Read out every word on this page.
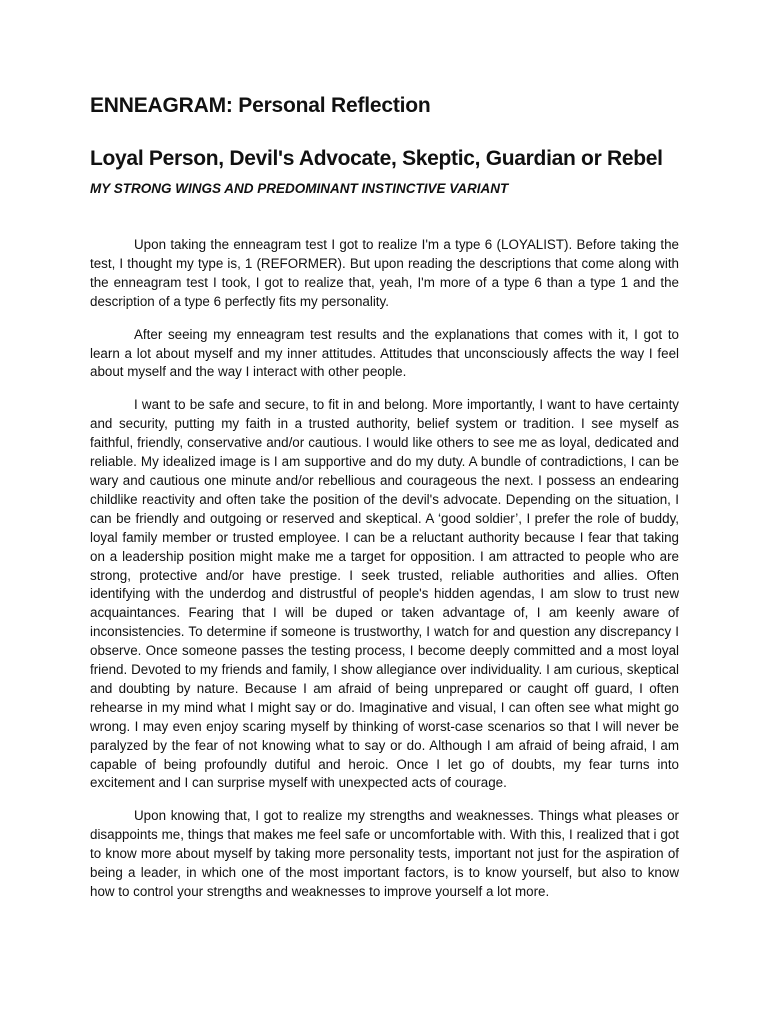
ENNEAGRAM: Personal Reflection
Loyal Person, Devil's Advocate, Skeptic, Guardian or Rebel
MY STRONG WINGS AND PREDOMINANT INSTINCTIVE VARIANT

Upon taking the enneagram test I got to realize I'm a type 6 (LOYALIST). Before taking the test, I thought my type is, 1 (REFORMER). But upon reading the descriptions that come along with the enneagram test I took, I got to realize that, yeah, I'm more of a type 6 than a type 1 and the description of a type 6 perfectly fits my personality.

After seeing my enneagram test results and the explanations that comes with it, I got to learn a lot about myself and my inner attitudes. Attitudes that unconsciously affects the way I feel about myself and the way I interact with other people.

I want to be safe and secure, to fit in and belong. More importantly, I want to have certainty and security, putting my faith in a trusted authority, belief system or tradition. I see myself as faithful, friendly, conservative and/or cautious. I would like others to see me as loyal, dedicated and reliable. My idealized image is I am supportive and do my duty. A bundle of contradictions, I can be wary and cautious one minute and/or rebellious and courageous the next. I possess an endearing childlike reactivity and often take the position of the devil's advocate. Depending on the situation, I can be friendly and outgoing or reserved and skeptical. A ‘good soldier’, I prefer the role of buddy, loyal family member or trusted employee. I can be a reluctant authority because I fear that taking on a leadership position might make me a target for opposition. I am attracted to people who are strong, protective and/or have prestige. I seek trusted, reliable authorities and allies. Often identifying with the underdog and distrustful of people's hidden agendas, I am slow to trust new acquaintances. Fearing that I will be duped or taken advantage of, I am keenly aware of inconsistencies. To determine if someone is trustworthy, I watch for and question any discrepancy I observe. Once someone passes the testing process, I become deeply committed and a most loyal friend. Devoted to my friends and family, I show allegiance over individuality. I am curious, skeptical and doubting by nature. Because I am afraid of being unprepared or caught off guard, I often rehearse in my mind what I might say or do. Imaginative and visual, I can often see what might go wrong. I may even enjoy scaring myself by thinking of worst-case scenarios so that I will never be paralyzed by the fear of not knowing what to say or do. Although I am afraid of being afraid, I am capable of being profoundly dutiful and heroic. Once I let go of doubts, my fear turns into excitement and I can surprise myself with unexpected acts of courage.

Upon knowing that, I got to realize my strengths and weaknesses. Things what pleases or disappoints me, things that makes me feel safe or uncomfortable with. With this, I realized that i got to know more about myself by taking more personality tests, important not just for the aspiration of being a leader, in which one of the most important factors, is to know yourself, but also to know how to control your strengths and weaknesses to improve yourself a lot more.
